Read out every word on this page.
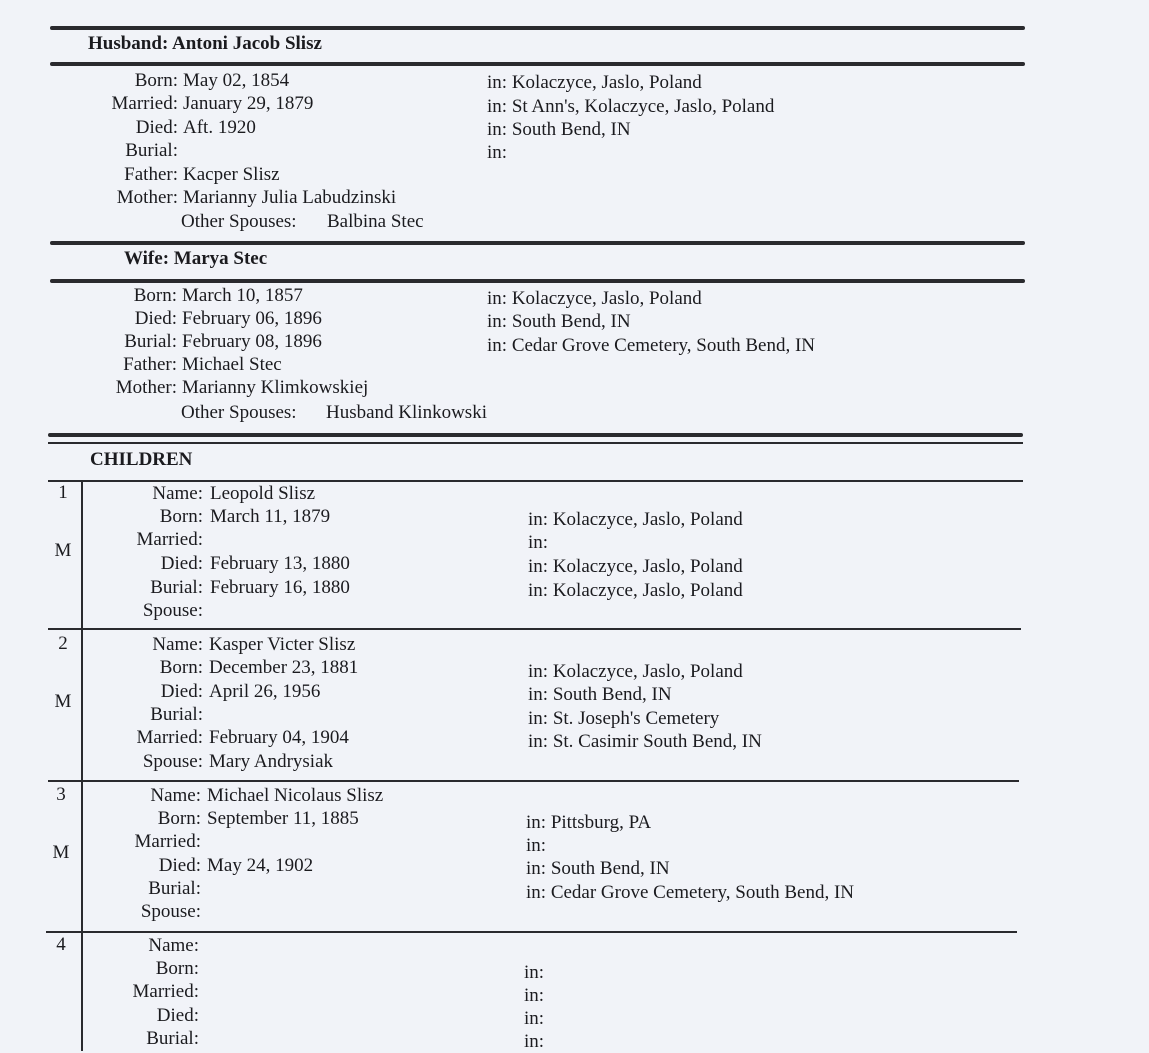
Husband: Antoni Jacob Slisz
Born: May 02, 1854	in: Kolaczyce, Jaslo, Poland
Married: January 29, 1879	in: St Ann's, Kolaczyce, Jaslo, Poland
Died: Aft. 1920	in: South Bend, IN
Burial:	in:
Father: Kacper Slisz
Mother: Marianny Julia Labudzinski
Other Spouses: Balbina Stec
Wife: Marya Stec
Born: March 10, 1857	in: Kolaczyce, Jaslo, Poland
Died: February 06, 1896	in: South Bend, IN
Burial: February 08, 1896	in: Cedar Grove Cemetery, South Bend, IN
Father: Michael Stec
Mother: Marianny Klimkowskiej
Other Spouses: Husband Klinkowski
CHILDREN
1
M
Name: Leopold Slisz
Born: March 11, 1879	in: Kolaczyce, Jaslo, Poland
Married:	in:
Died: February 13, 1880	in: Kolaczyce, Jaslo, Poland
Burial: February 16, 1880	in: Kolaczyce, Jaslo, Poland
Spouse:
2
M
Name: Kasper Victer Slisz
Born: December 23, 1881	in: Kolaczyce, Jaslo, Poland
Died: April 26, 1956	in: South Bend, IN
Burial:	in: St. Joseph's Cemetery
Married: February 04, 1904	in: St. Casimir South Bend, IN
Spouse: Mary Andrysiak
3
M
Name: Michael Nicolaus Slisz
Born: September 11, 1885	in: Pittsburg, PA
Married:	in:
Died: May 24, 1902	in: South Bend, IN
Burial:	in: Cedar Grove Cemetery, South Bend, IN
Spouse:
4	Name:
Born:	in:
Married:	in:
Died:	in:
Burial:	in:
